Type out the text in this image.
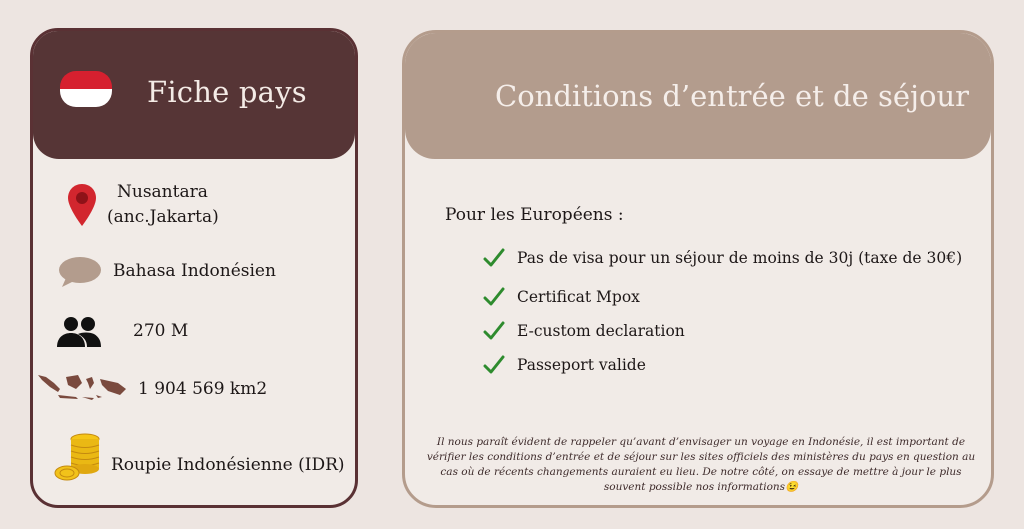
Fiche pays
Nusantara
(anc.Jakarta)
Bahasa Indonésien
270 M
1 904 569 km2
Roupie Indonésienne (IDR)
Conditions d’entrée et de séjour
Pour les Européens :
Pas de visa pour un séjour de moins de 30j (taxe de 30€)
Certificat Mpox
E-custom declaration
Passeport valide
Il nous paraît évident de rappeler qu’avant d’envisager un voyage en Indonésie, il est important de vérifier les conditions d’entrée et de séjour sur les sites officiels des ministères du pays en question au cas où de récents changements auraient eu lieu. De notre côté, on essaye de mettre à jour le plus souvent possible nos informations😉
